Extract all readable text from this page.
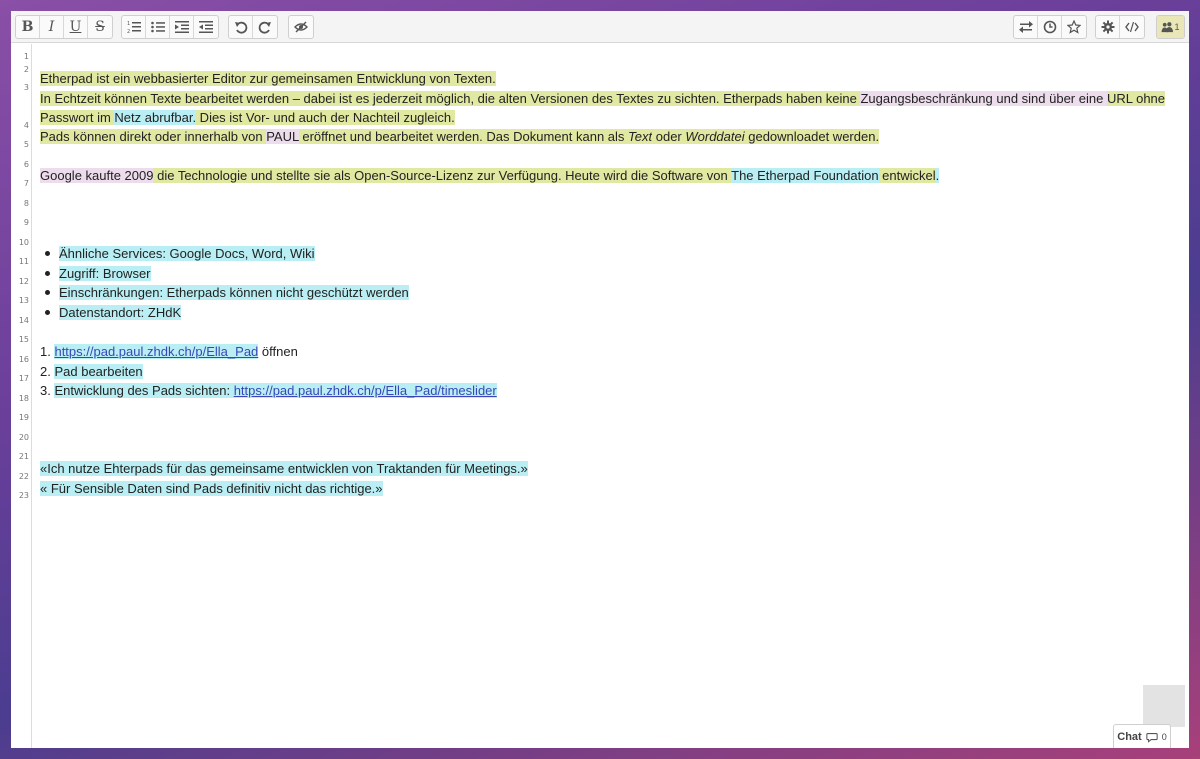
B	I	U S	1
2	1
1
2
3
4
5
6
7
8
9
10
11
12
13
14
15
16
17
18
19
20
21
22
23
Etherpad ist ein webbasierter Editor zur gemeinsamen Entwicklung von Texten.
In Echtzeit können Texte bearbeitet werden – dabei ist es jederzeit möglich, die alten Versionen des Textes zu sichten. Etherpads haben keine Zugangsbeschränkung und sind über eine URL ohne
Passwort im Netz abrufbar. Dies ist Vor- und auch der Nachteil zugleich.
Pads können direkt oder innerhalb von PAUL eröffnet und bearbeitet werden. Das Dokument kann als Text oder Worddatei gedownloadet werden.
Google kaufte 2009 die Technologie und stellte sie als Open-Source-Lizenz zur Verfügung. Heute wird die Software von The Etherpad Foundation entwickel.
Ähnliche Services: Google Docs, Word, Wiki
Zugriff: Browser
Einschränkungen: Etherpads können nicht geschützt werden
Datenstandort: ZHdK
1. https://pad.paul.zhdk.ch/p/Ella_Pad öffnen
2. Pad bearbeiten
3. Entwicklung des Pads sichten: https://pad.paul.zhdk.ch/p/Ella_Pad/timeslider
«Ich nutze Ehterpads für das gemeinsame entwicklen von Traktanden für Meetings.»
« Für Sensible Daten sind Pads definitiv nicht das richtige.»
Chat 0
